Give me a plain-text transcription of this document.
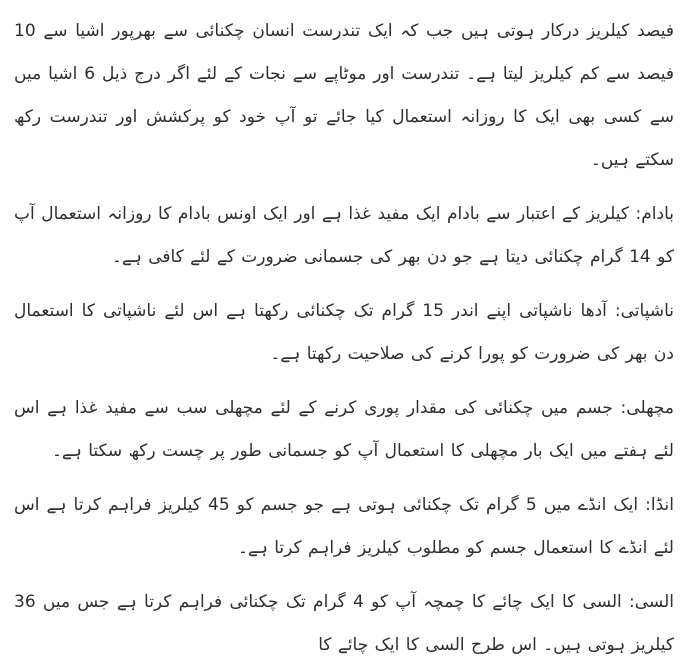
فیصد کیلریز درکار ہوتی ہیں جب کہ ایک تندرست انسان چکنائی سے بھرپور اشیا سے 10 فیصد سے کم کیلریز لیتا ہے۔ تندرست اور موٹاپے سے نجات کے لئے اگر درج ذیل 6 اشیا میں سے کسی بھی ایک کا روزانہ استعمال کیا جائے تو آپ خود کو پرکشش اور تندرست رکھ سکتے ہیں۔

بادام: کیلریز کے اعتبار سے بادام ایک مفید غذا ہے اور ایک اونس بادام کا روزانہ استعمال آپ کو 14 گرام چکنائی دیتا ہے جو دن بھر کی جسمانی ضرورت کے لئے کافی ہے۔

ناشپاتی: آدھا ناشپاتی اپنے اندر 15 گرام تک چکنائی رکھتا ہے اس لئے ناشپاتی کا استعمال دن بھر کی ضرورت کو پورا کرنے کی صلاحیت رکھتا ہے۔

مچھلی: جسم میں چکنائی کی مقدار پوری کرنے کے لئے مچھلی سب سے مفید غذا ہے اس لئے ہفتے میں ایک بار مچھلی کا استعمال آپ کو جسمانی طور پر چست رکھ سکتا ہے۔

انڈا: ایک انڈے میں 5 گرام تک چکنائی ہوتی ہے جو جسم کو 45 کیلریز فراہم کرتا ہے اس لئے انڈے کا استعمال جسم کو مطلوب کیلریز فراہم کرتا ہے۔

السی: السی کا ایک چائے کا چمچہ آپ کو 4 گرام تک چکنائی فراہم کرتا ہے جس میں 36 کیلریز ہوتی ہیں۔ اس طرح السی کا ایک چائے کا
